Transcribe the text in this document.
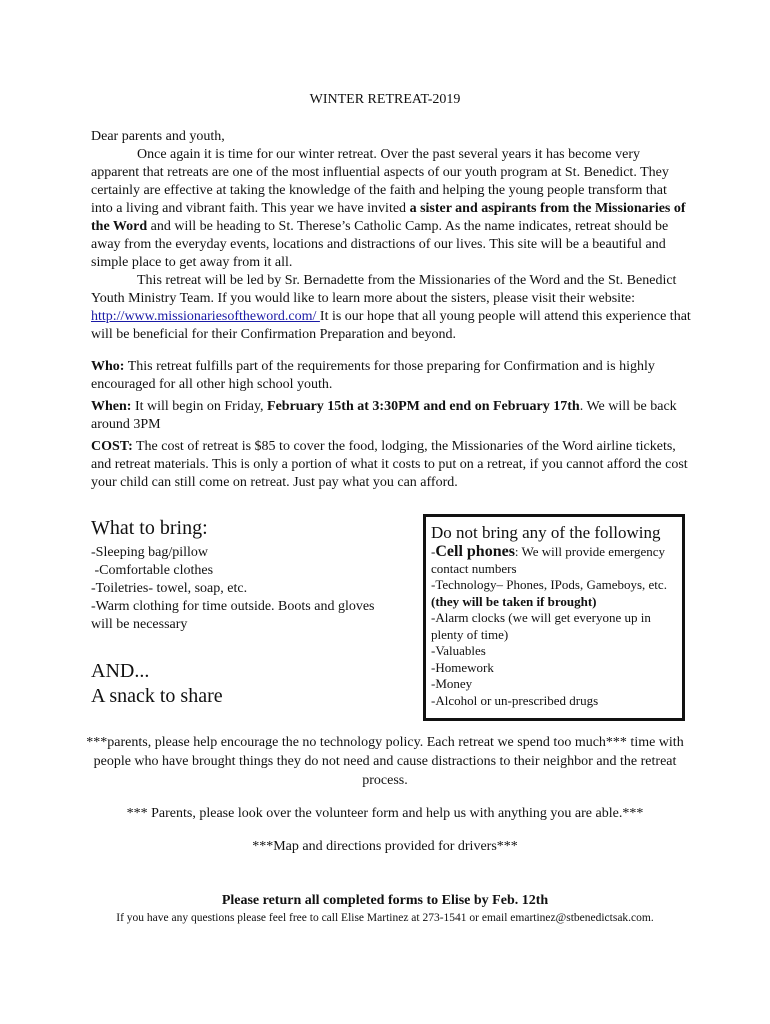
WINTER RETREAT-2019

Dear parents and youth,

Once again it is time for our winter retreat. Over the past several years it has become very apparent that retreats are one of the most influential aspects of our youth program at St. Benedict. They certainly are effective at taking the knowledge of the faith and helping the young people transform that into a living and vibrant faith. This year we have invited a sister and aspirants from the Missionaries of the Word and will be heading to St. Therese’s Catholic Camp. As the name indicates, retreat should be away from the everyday events, locations and distractions of our lives. This site will be a beautiful and simple place to get away from it all.

This retreat will be led by Sr. Bernadette from the Missionaries of the Word and the St. Benedict Youth Ministry Team. If you would like to learn more about the sisters, please visit their website: http://www.missionariesoftheword.com/ It is our hope that all young people will attend this experience that will be beneficial for their Confirmation Preparation and beyond.

Who: This retreat fulfills part of the requirements for those preparing for Confirmation and is highly encouraged for all other high school youth.

When: It will begin on Friday, February 15th at 3:30PM and end on February 17th. We will be back around 3PM

COST: The cost of retreat is $85 to cover the food, lodging, the Missionaries of the Word airline tickets, and retreat materials. This is only a portion of what it costs to put on a retreat, if you cannot afford the cost your child can still come on retreat. Just pay what you can afford.

What to bring:
-Sleeping bag/pillow
-Comfortable clothes
-Toiletries- towel, soap, etc.
-Warm clothing for time outside. Boots and gloves will be necessary
AND...
A snack to share
Do not bring any of the following
-Cell phones: We will provide emergency contact numbers
-Technology– Phones, IPods, Gameboys, etc. (they will be taken if brought)
-Alarm clocks (we will get everyone up in plenty of time)
-Valuables
-Homework
-Money
-Alcohol or un-prescribed drugs

***parents, please help encourage the no technology policy. Each retreat we spend too much*** time with people who have brought things they do not need and cause distractions to their neighbor and the retreat process.

*** Parents, please look over the volunteer form and help us with anything you are able.***

***Map and directions provided for drivers***

Please return all completed forms to Elise by Feb. 12th
If you have any questions please feel free to call Elise Martinez at 273-1541 or email emartinez@stbenedictsak.com.
